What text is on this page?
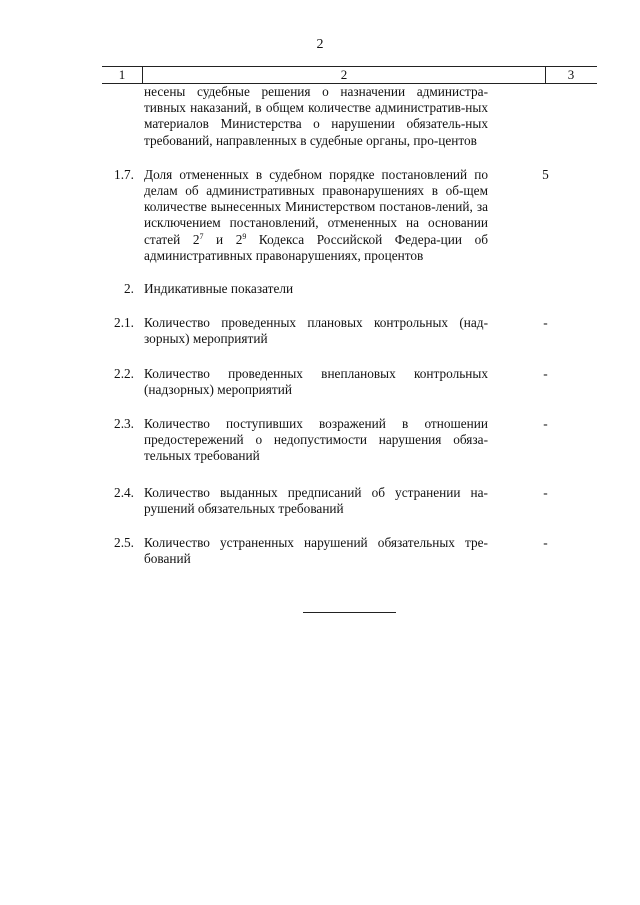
2
1	2	3
несены судебные решения о назначении администра-тивных наказаний, в общем количестве административ-ных материалов Министерства о нарушении обязатель-ных требований, направленных в судебные органы, про-центов
1.7. Доля отмененных в судебном порядке постановлений по делам об административных правонарушениях в об-щем количестве вынесенных Министерством постанов-лений, за исключением постановлений, отмененных на основании статей $2^7$ и $2^9$ Кодекса Российской Федера-ции об административных правонарушениях, процентов
5
2. Индикативные показатели
2.1. Количество проведенных плановых контрольных (над-зорных) мероприятий
-
2.2. Количество проведенных внеплановых контрольных (надзорных) мероприятий
-
2.3. Количество поступивших возражений в отношении предостережений о недопустимости нарушения обяза-тельных требований
-
2.4. Количество выданных предписаний об устранении на-рушений обязательных требований
-
2.5. Количество устраненных нарушений обязательных тре-бований
-
